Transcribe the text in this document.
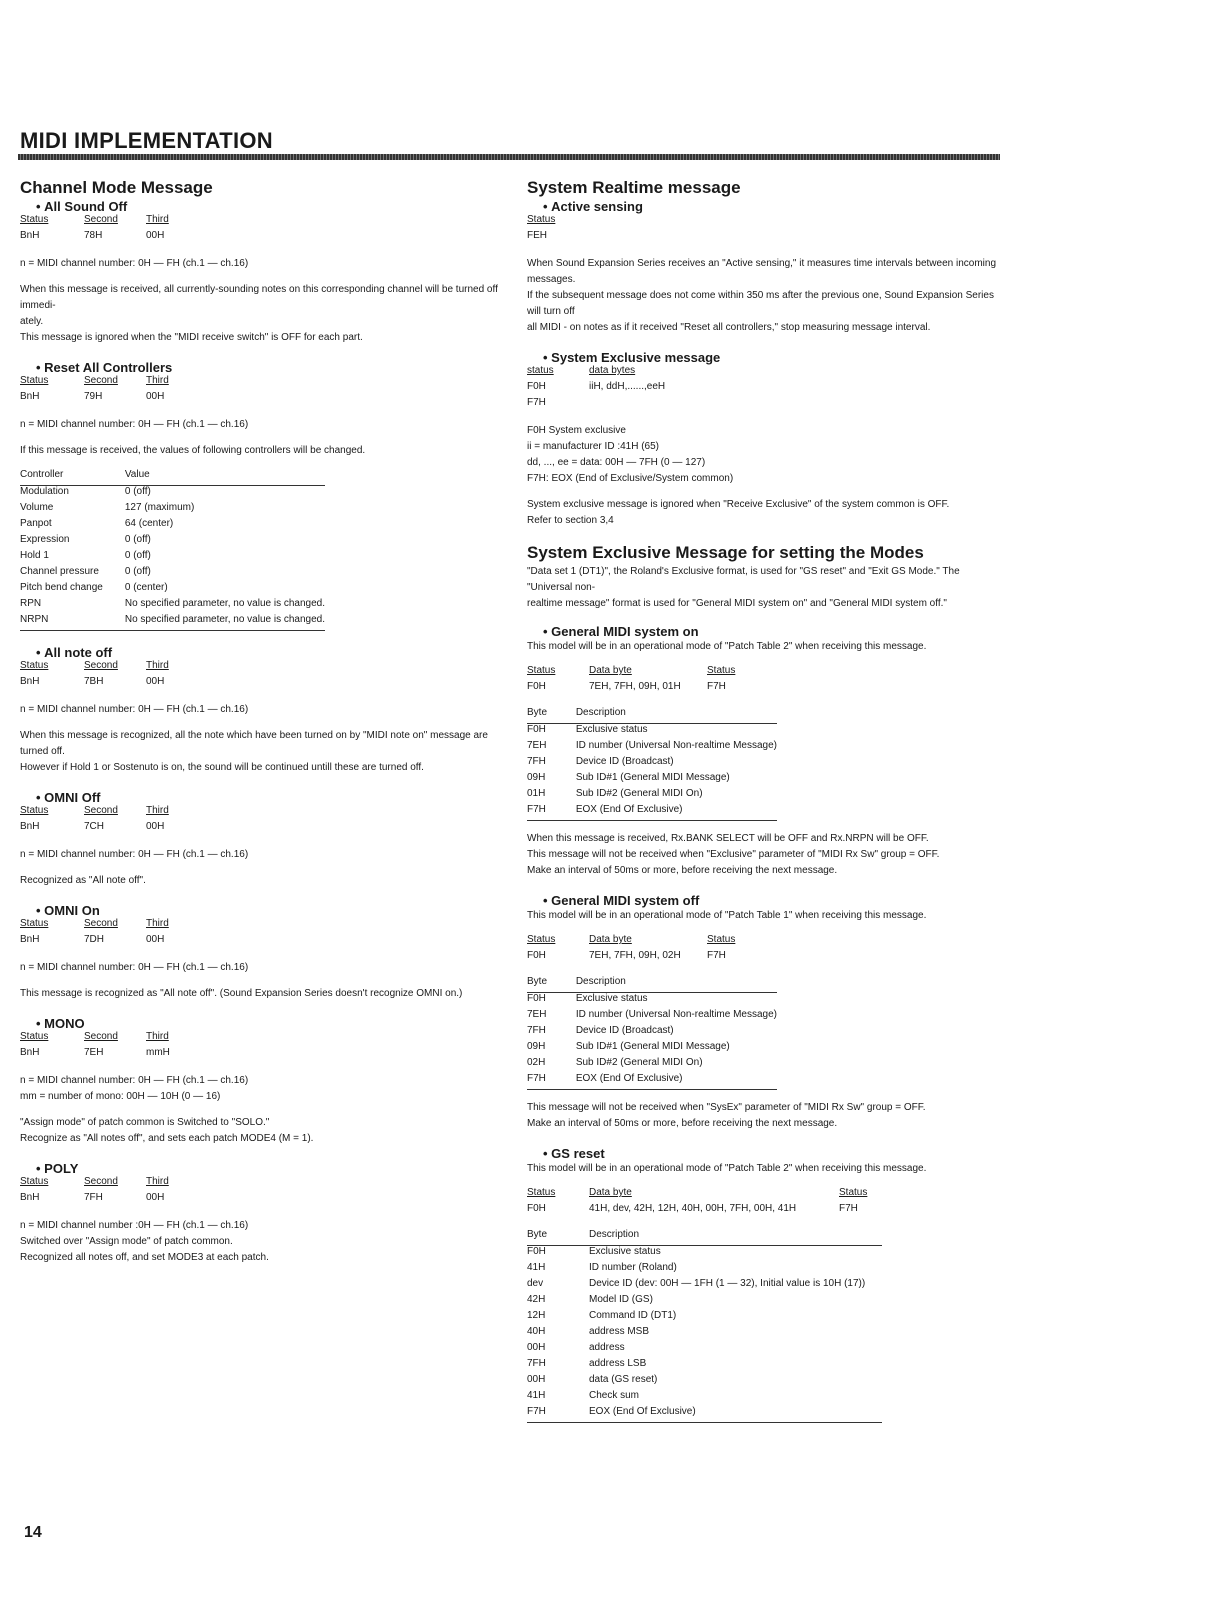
MIDI IMPLEMENTATION
Channel Mode Message
• All Sound Off
Status	Second	Third
BnH	78H	00H

n = MIDI channel number: 0H — FH (ch.1 — ch.16)

When this message is received, all currently-sounding notes on this corresponding channel will be turned off immedi-

ately.

This message is ignored when the "MIDI receive switch" is OFF for each part.

• Reset All Controllers
Status	Second	Third
BnH	79H	00H

n = MIDI channel number: 0H — FH (ch.1 — ch.16)

If this message is received, the values of following controllers will be changed.

Controller	Value
Modulation	0 (off)
Volume	127 (maximum)
Panpot	64 (center)
Expression	0 (off)
Hold 1	0 (off)
Channel pressure	0 (off)
Pitch bend change	0 (center)
RPN	No specified parameter, no value is changed.
NRPN	No specified parameter, no value is changed.
• All note off
Status	Second	Third
BnH	7BH	00H

n = MIDI channel number: 0H — FH (ch.1 — ch.16)

When this message is recognized, all the note which have been turned on by "MIDI note on" message are turned off.

However if Hold 1 or Sostenuto is on, the sound will be continued untill these are turned off.

• OMNI Off
Status	Second	Third
BnH	7CH	00H

n = MIDI channel number: 0H — FH (ch.1 — ch.16)

Recognized as "All note off".

• OMNI On
Status	Second	Third
BnH	7DH	00H

n = MIDI channel number: 0H — FH (ch.1 — ch.16)

This message is recognized as "All note off". (Sound Expansion Series doesn't recognize OMNI on.)

• MONO
Status	Second	Third
BnH	7EH	mmH

n = MIDI channel number: 0H — FH (ch.1 — ch.16)

mm = number of mono: 00H — 10H (0 — 16)

"Assign mode" of patch common is Switched to "SOLO."

Recognize as "All notes off", and sets each patch MODE4 (M = 1).

• POLY
Status	Second	Third
BnH	7FH	00H

n = MIDI channel number :0H — FH (ch.1 — ch.16)

Switched over "Assign mode" of patch common.

Recognized all notes off, and set MODE3 at each patch.

System Realtime message
• Active sensing
Status
FEH

When Sound Expansion Series receives an "Active sensing," it measures time intervals between incoming messages.

If the subsequent message does not come within 350 ms after the previous one, Sound Expansion Series will turn off

all MIDI - on notes as if it received "Reset all controllers," stop measuring message interval.

• System Exclusive message
status	data bytes
F0H	iiH, ddH,......,eeH
F7H	

F0H System exclusive

ii = manufacturer ID :41H (65)

dd, ..., ee = data: 00H — 7FH (0 — 127)

F7H: EOX (End of Exclusive/System common)

System exclusive message is ignored when "Receive Exclusive" of the system common is OFF.

Refer to section 3,4

System Exclusive Message for setting the Modes

"Data set 1 (DT1)", the Roland's Exclusive format, is used for "GS reset" and "Exit GS Mode." The "Universal non-

realtime message" format is used for "General MIDI system on" and "General MIDI system off."

• General MIDI system on

This model will be in an operational mode of "Patch Table 2" when receiving this message.

Status	Data byte	Status
F0H	7EH, 7FH, 09H, 01H	F7H
Byte	Description
F0H	Exclusive status
7EH	ID number (Universal Non-realtime Message)
7FH	Device ID (Broadcast)
09H	Sub ID#1 (General MIDI Message)
01H	Sub ID#2 (General MIDI On)
F7H	EOX (End Of Exclusive)

When this message is received, Rx.BANK SELECT will be OFF and Rx.NRPN will be OFF.

This message will not be received when "Exclusive" parameter of "MIDI Rx Sw" group = OFF.

Make an interval of 50ms or more, before receiving the next message.

• General MIDI system off

This model will be in an operational mode of "Patch Table 1" when receiving this message.

Status	Data byte	Status
F0H	7EH, 7FH, 09H, 02H	F7H
Byte	Description
F0H	Exclusive status
7EH	ID number (Universal Non-realtime Message)
7FH	Device ID (Broadcast)
09H	Sub ID#1 (General MIDI Message)
02H	Sub ID#2 (General MIDI On)
F7H	EOX (End Of Exclusive)

This message will not be received when "SysEx" parameter of "MIDI Rx Sw" group = OFF.

Make an interval of 50ms or more, before receiving the next message.

• GS reset

This model will be in an operational mode of "Patch Table 2" when receiving this message.

Status	Data byte	Status
F0H	41H, dev, 42H, 12H, 40H, 00H, 7FH, 00H, 41H	F7H
Byte	Description
F0H	Exclusive status
41H	ID number (Roland)
dev	Device ID (dev: 00H — 1FH (1 — 32), Initial value is 10H (17))
42H	Model ID (GS)
12H	Command ID (DT1)
40H	address MSB
00H	address
7FH	address LSB
00H	data (GS reset)
41H	Check sum
F7H	EOX (End Of Exclusive)
14
